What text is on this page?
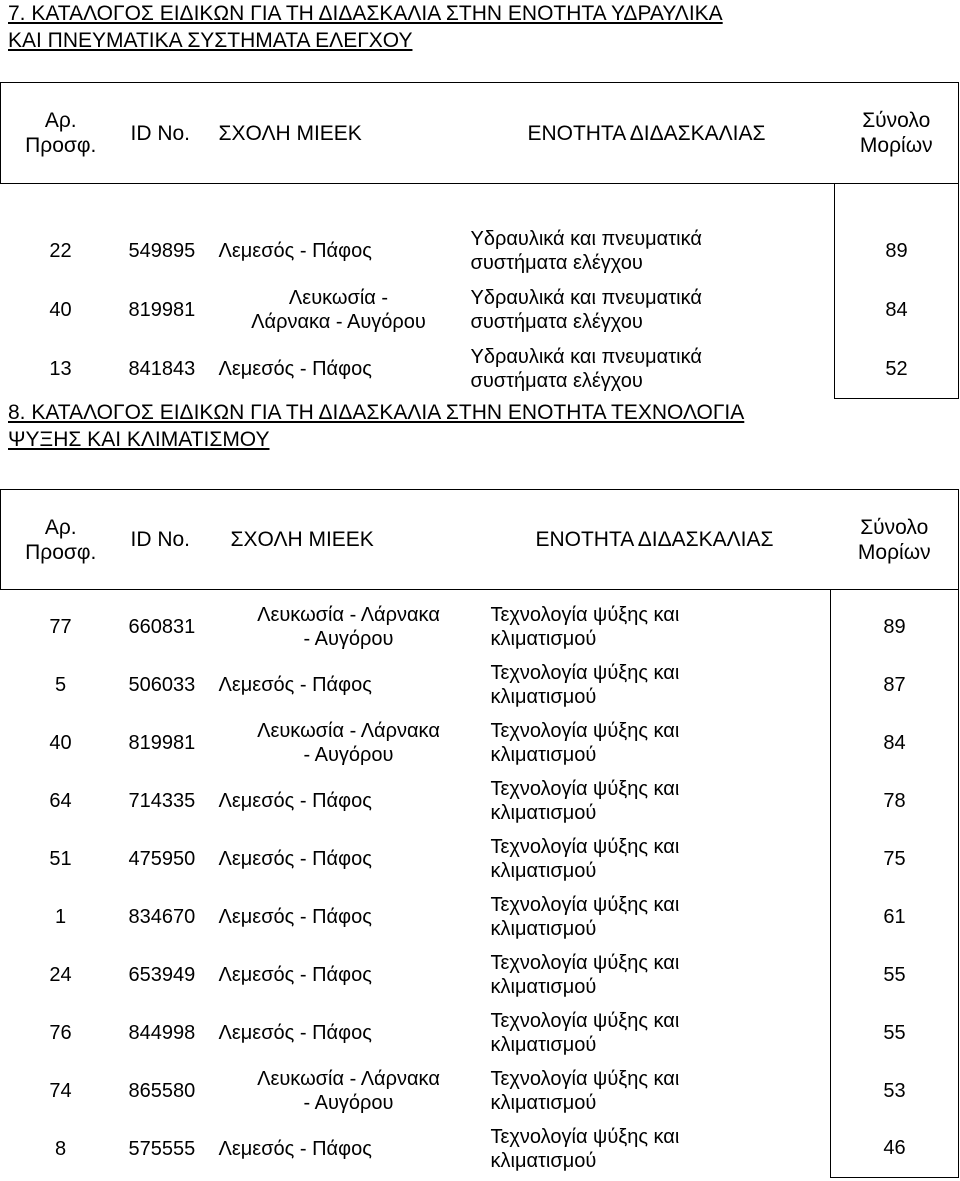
7. ΚΑΤΑΛΟΓΟΣ ΕΙΔΙΚΩΝ ΓΙΑ ΤΗ ΔΙΔΑΣΚΑΛΙΑ ΣΤΗΝ ΕΝΟΤΗΤΑ ΥΔΡΑΥΛΙΚΑ
ΚΑΙ ΠΝΕΥΜΑΤΙΚΑ ΣΥΣΤΗΜΑΤΑ ΕΛΕΓΧΟΥ
Αρ.
Προσφ.	ID No.	ΣΧΟΛΗ ΜΙΕΕΚ	ΕΝΟΤΗΤΑ ΔΙΔΑΣΚΑΛΙΑΣ	Σύνολο
Μορίων

22	549895	Λεμεσός - Πάφος	Υδραυλικά και πνευματικά
συστήματα ελέγχου	89
40	819981	Λευκωσία -
Λάρνακα - Αυγόρου	Υδραυλικά και πνευματικά
συστήματα ελέγχου	84

13	841843	Λεμεσός - Πάφος	Υδραυλικά και πνευματικά
συστήματα ελέγχου	52
8. ΚΑΤΑΛΟΓΟΣ ΕΙΔΙΚΩΝ ΓΙΑ ΤΗ ΔΙΔΑΣΚΑΛΙΑ ΣΤΗΝ ΕΝΟΤΗΤΑ ΤΕΧΝΟΛΟΓΙΑ
ΨΥΞΗΣ ΚΑΙ ΚΛΙΜΑΤΙΣΜΟΥ
Αρ.
Προσφ.	ID No.	ΣΧΟΛΗ ΜΙΕΕΚ	ΕΝΟΤΗΤΑ ΔΙΔΑΣΚΑΛΙΑΣ	Σύνολο
Μορίων

77	660831	Λευκωσία - Λάρνακα
- Αυγόρου	Τεχνολογία ψύξης και
κλιματισμού	89
5	506033	Λεμεσός - Πάφος	Τεχνολογία ψύξης και
κλιματισμού	87
40	819981	Λευκωσία - Λάρνακα
- Αυγόρου	Τεχνολογία ψύξης και
κλιματισμού	84
64	714335	Λεμεσός - Πάφος	Τεχνολογία ψύξης και
κλιματισμού	78
51	475950	Λεμεσός - Πάφος	Τεχνολογία ψύξης και
κλιματισμού	75
1	834670	Λεμεσός - Πάφος	Τεχνολογία ψύξης και
κλιματισμού	61
24	653949	Λεμεσός - Πάφος	Τεχνολογία ψύξης και
κλιματισμού	55
76	844998	Λεμεσός - Πάφος	Τεχνολογία ψύξης και
κλιματισμού	55
74	865580	Λευκωσία - Λάρνακα
- Αυγόρου	Τεχνολογία ψύξης και
κλιματισμού	53

8	575555	Λεμεσός - Πάφος	Τεχνολογία ψύξης και
κλιματισμού	46
